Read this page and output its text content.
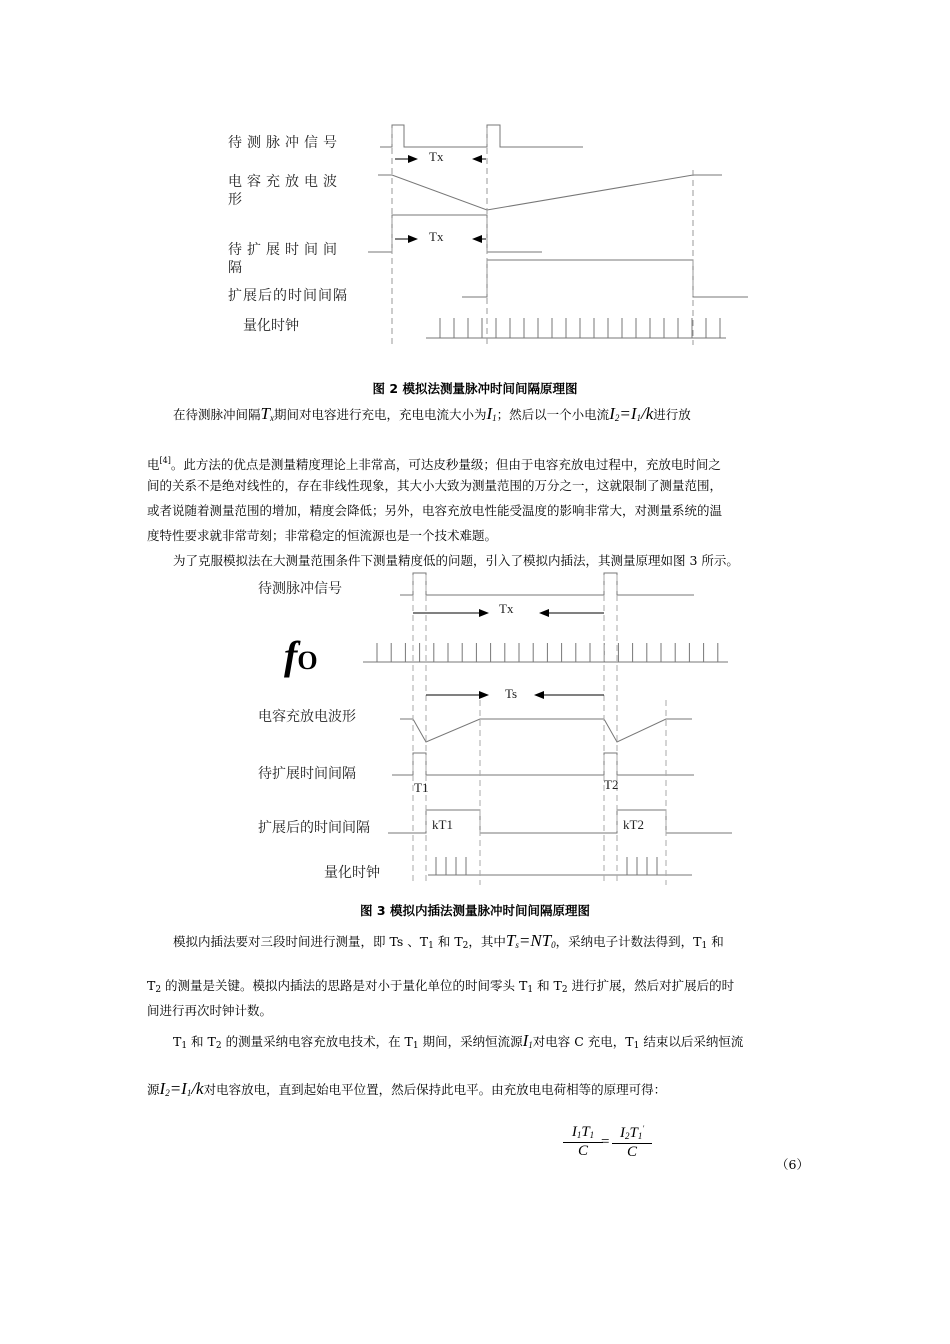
待测脉冲信号
电容充放电波形
待扩展时间间隔
扩展后的时间间隔
量化时钟
Tx
Tx
图 2 模拟法测量脉冲时间间隔原理图
在待测脉冲间隔$T_x$期间对电容进行充电，充电电流大小为$I_1$；然后以一个小电流$I_2=I_1/k$进行放
电[4]。此方法的优点是测量精度理论上非常高，可达皮秒量级；但由于电容充放电过程中，充放电时间之
间的关系不是绝对线性的，存在非线性现象，其大小大致为测量范围的万分之一，这就限制了测量范围，
或者说随着测量范围的增加，精度会降低；另外，电容充放电性能受温度的影响非常大，对测量系统的温
度特性要求就非常苛刻；非常稳定的恒流源也是一个技术难题。
为了克服模拟法在大测量范围条件下测量精度低的问题，引入了模拟内插法，其测量原理如图 3 所示。
待测脉冲信号
fO
电容充放电波形
待扩展时间间隔
扩展后的时间间隔
量化时钟
Tx
Ts
T1	T2
kT1	kT2
图 3 模拟内插法测量脉冲时间间隔原理图
模拟内插法要对三段时间进行测量，即 Ts 、$T_1$ 和 $T_2$，其中$T_s=NT_0$，采纳电子计数法得到，$T_1$ 和
$T_2$ 的测量是关键。模拟内插法的思路是对小于量化单位的时间零头 $T_1$ 和 $T_2$ 进行扩展，然后对扩展后的时
间进行再次时钟计数。
$T_1$ 和 $T_2$ 的测量采纳电容充放电技术，在 $T_1$ 期间，采纳恒流源$I_1$对电容 C 充电，$T_1$ 结束以后采纳恒流
源$I_2=I_1/k$对电容放电，直到起始电平位置，然后保持此电平。由充放电电荷相等的原理可得：
$\frac{I_1T_1}{C}$
= $\frac{I_2T_1'}{C}$
（6）
